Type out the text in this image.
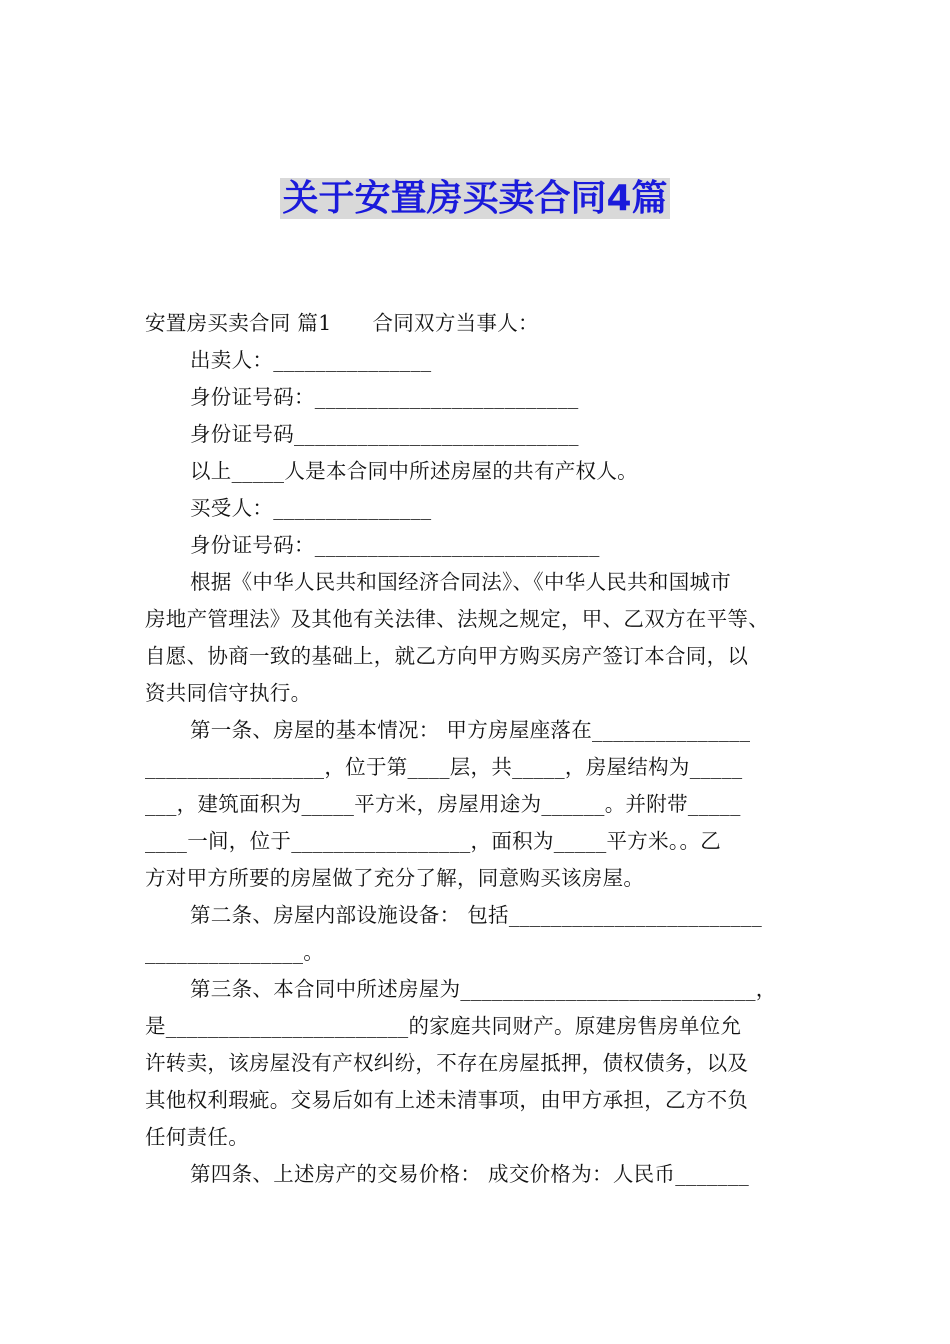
关于安置房买卖合同4篇
安置房买卖合同 篇1      合同双方当事人：
出卖人：_______________
身份证号码：_________________________
身份证号码___________________________
以上_____人是本合同中所述房屋的共有产权人。
买受人：_______________
身份证号码：___________________________
根据《中华人民共和国经济合同法》、《中华人民共和国城市
房地产管理法》及其他有关法律、法规之规定，甲、乙双方在平等、
自愿、协商一致的基础上，就乙方向甲方购买房产签订本合同，以
资共同信守执行。
第一条、房屋的基本情况： 甲方房屋座落在_______________
_________________，位于第____层，共_____，房屋结构为_____
___，建筑面积为_____平方米，房屋用途为______。并附带_____
____一间，位于_________________，面积为_____平方米。。乙
方对甲方所要的房屋做了充分了解，同意购买该房屋。
第二条、房屋内部设施设备： 包括________________________
_______________。
第三条、本合同中所述房屋为____________________________，
是_______________________的家庭共同财产。原建房售房单位允
许转卖，该房屋没有产权纠纷，不存在房屋抵押，债权债务，以及
其他权利瑕疵。交易后如有上述未清事项，由甲方承担，乙方不负
任何责任。
第四条、上述房产的交易价格： 成交价格为：人民币_______
